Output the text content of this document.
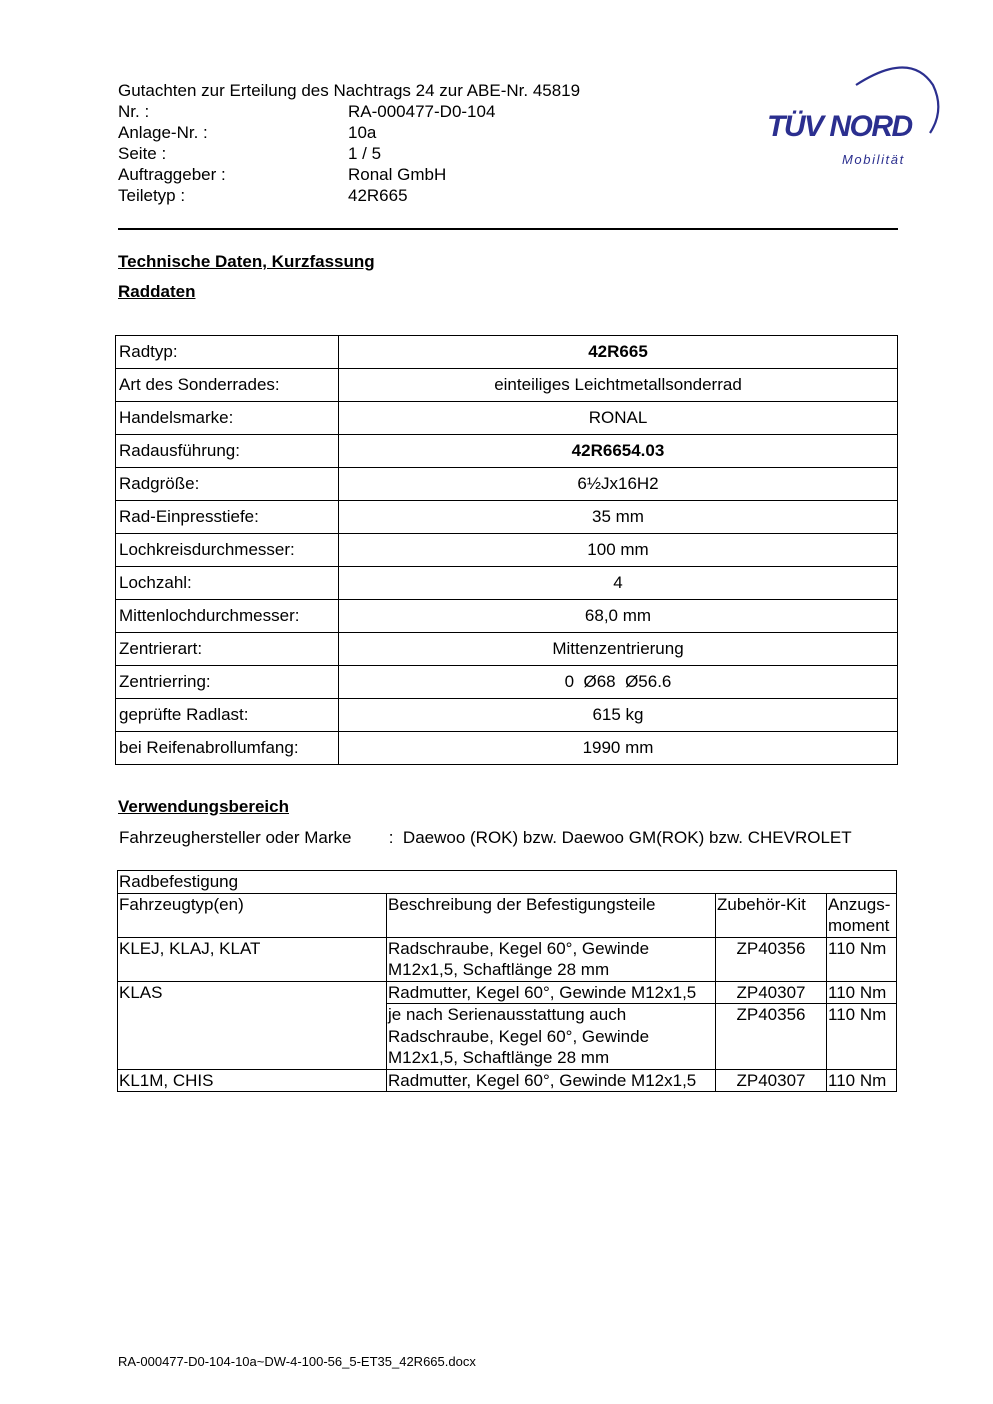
Gutachten zur Erteilung des Nachtrags 24 zur ABE-Nr. 45819
Nr. :	RA-000477-D0-104
Anlage-Nr. :	10a
Seite :	1 / 5
Auftraggeber :	Ronal GmbH
Teiletyp :	42R665
TÜV NORD
Mobilität
Technische Daten, Kurzfassung
Raddaten
Radtyp:	42R665
Art des Sonderrades:	einteiliges Leichtmetallsonderrad
Handelsmarke:	RONAL
Radausführung:	42R6654.03
Radgröße:	6½Jx16H2
Rad-Einpresstiefe:	35 mm
Lochkreisdurchmesser:	100 mm
Lochzahl:	4
Mittenlochdurchmesser:	68,0 mm
Zentrierart:	Mittenzentrierung
Zentrierring:	0  Ø68  Ø56.6
geprüfte Radlast:	615 kg
bei Reifenabrollumfang:	1990 mm
Verwendungsbereich
Fahrzeughersteller oder Marke : Daewoo (ROK) bzw. Daewoo GM(ROK) bzw. CHEVROLET
Radbefestigung			
Fahrzeugtyp(en)	Beschreibung der Befestigungsteile	Zubehör-Kit	Anzugs-
moment

KLEJ, KLAJ, KLAT	Radschraube, Kegel 60°, Gewinde M12x1,5, Schaftlänge 28 mm	ZP40356	110 Nm
KLAS	Radmutter, Kegel 60°, Gewinde M12x1,5	ZP40307	110 Nm
	je nach Serienausstattung auch Radschraube, Kegel 60°, Gewinde M12x1,5, Schaftlänge 28 mm	ZP40356	110 Nm
KL1M, CHIS	Radmutter, Kegel 60°, Gewinde M12x1,5	ZP40307	110 Nm
RA-000477-D0-104-10a~DW-4-100-56_5-ET35_42R665.docx
